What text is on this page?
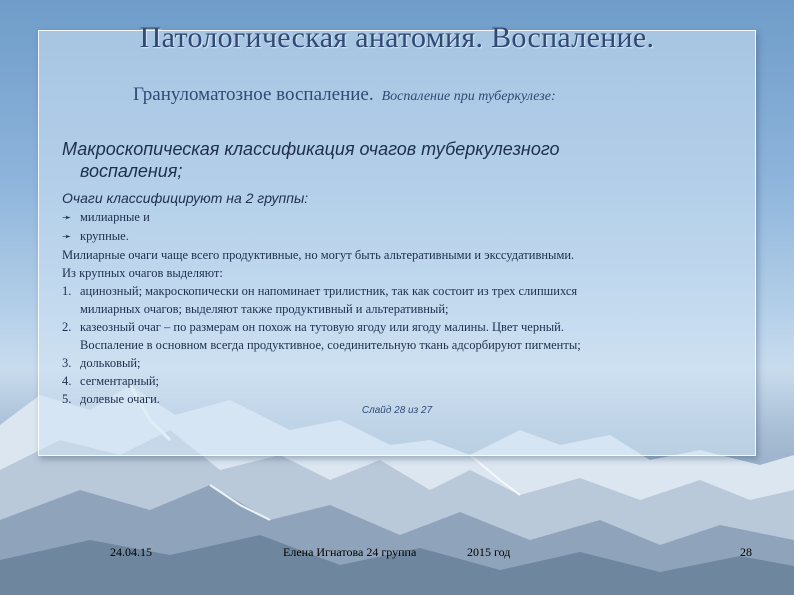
Патологическая анатомия. Воспаление.
Грануломатозное воспаление. Воспаление при туберкулезе:
Макроскопическая классификация очагов туберкулезного
воспаления;
Очаги классифицируют на 2 группы:
➛ милиарные и
➛ крупные.
Милиарные очаги чаще всего продуктивные, но могут быть альтеративными и экссудативными.
Из крупных очагов выделяют:
1. ацинозный; макроскопически он напоминает трилистник, так как состоит из трех слипшихся
милиарных очагов; выделяют также продуктивный и альтеративный;
2. казеозный очаг – по размерам он похож на тутовую ягоду или ягоду малины. Цвет черный.
Воспаление в основном всегда продуктивное, соединительную ткань адсорбируют пигменты;
3. дольковый;
4. сегментарный;
5. долевые очаги.
Слайд 28 из 27
24.04.15	Елена Игнатова 24 группа	2015 год	28
